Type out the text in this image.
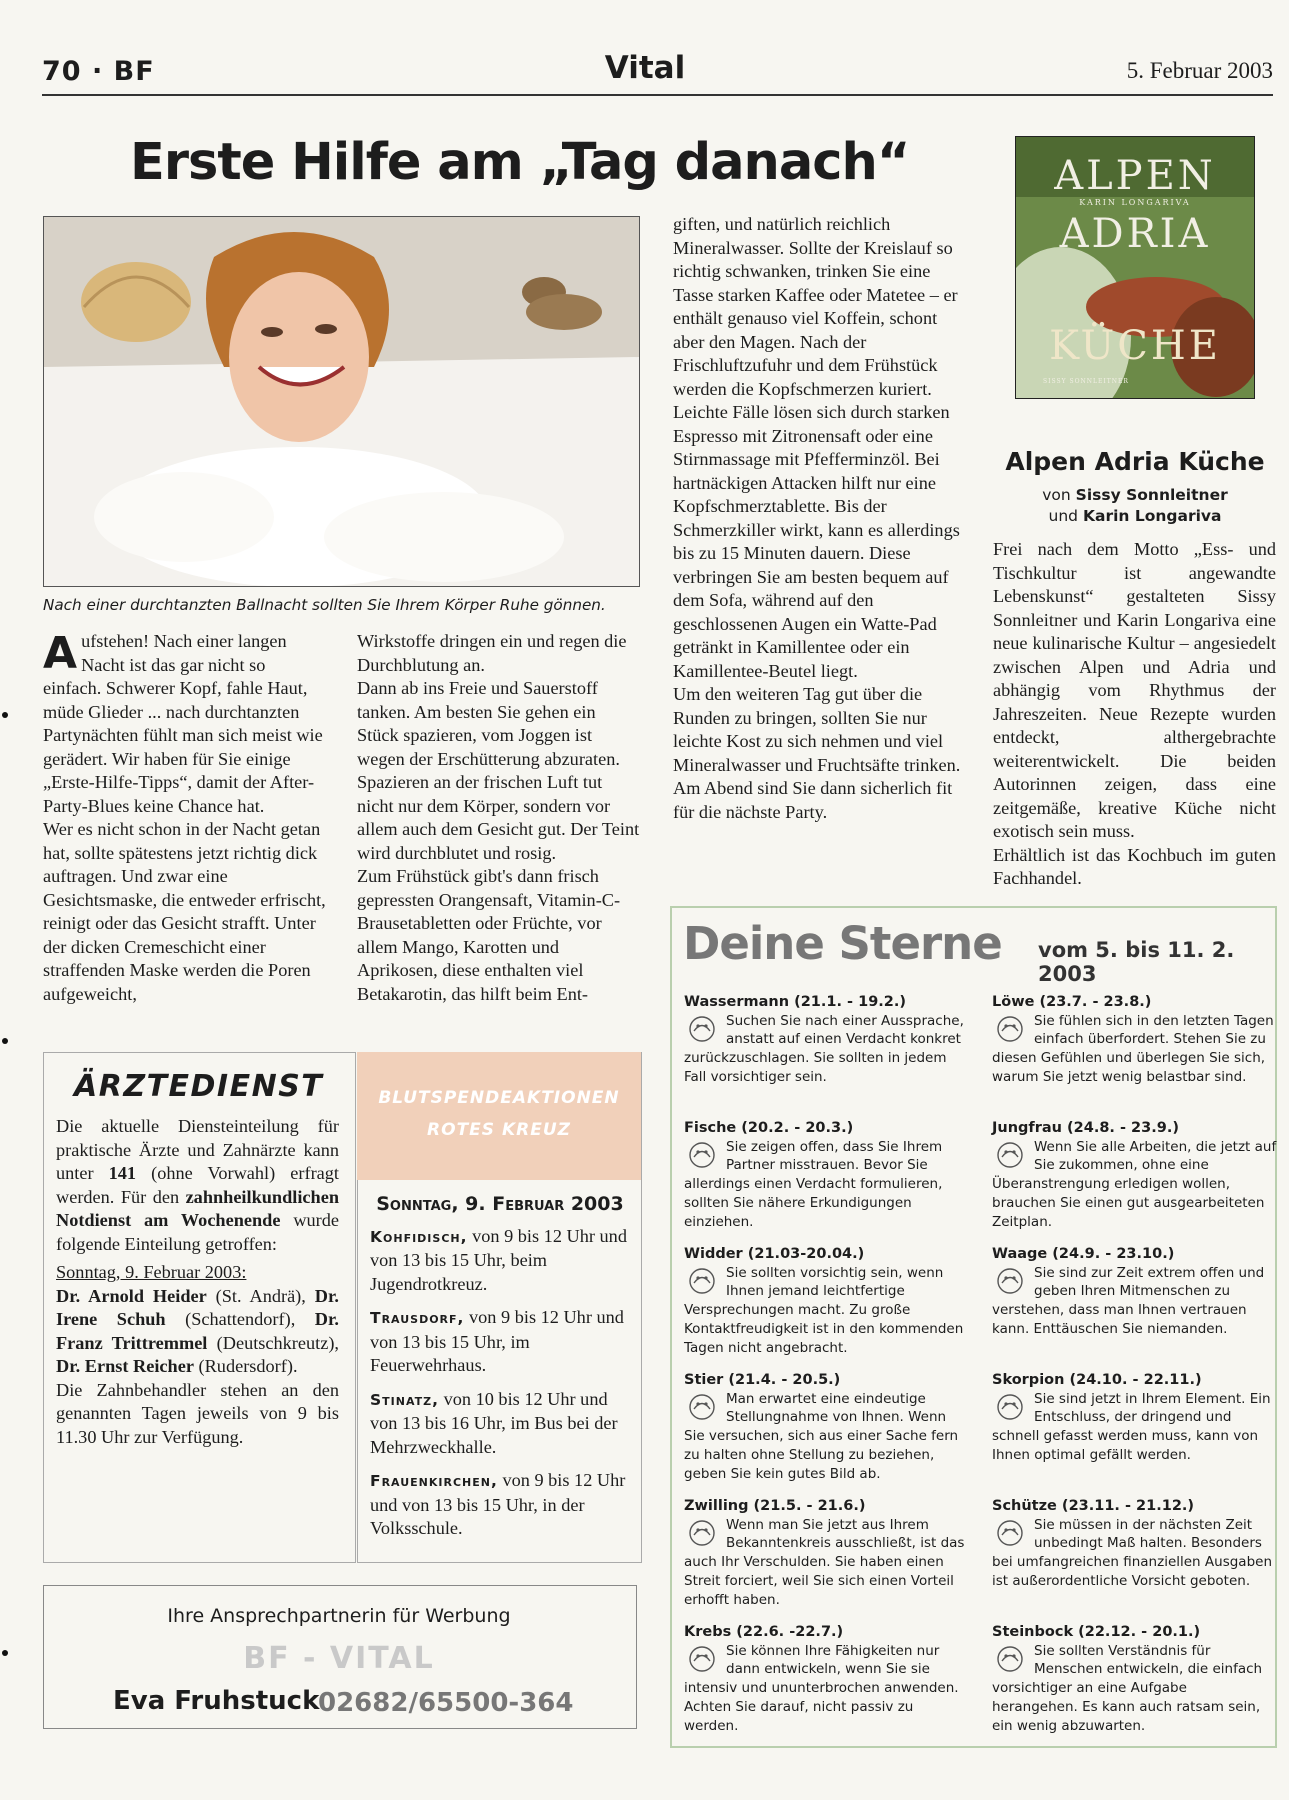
70 · BF	Vital	5. Februar 2003
Erste Hilfe am „Tag danach“
Nach einer durchtanzten Ballnacht sollten Sie Ihrem Körper Ruhe gönnen.
A ufstehen! Nach einer langen Nacht ist das gar nicht so einfach. Schwerer Kopf, fahle Haut, müde Glieder ... nach durchtanzten Partynächten fühlt man sich meist wie gerädert. Wir haben für Sie einige „Erste-Hilfe-Tipps“, damit der After-Party-Blues keine Chance hat.

Wer es nicht schon in der Nacht getan hat, sollte spätestens jetzt richtig dick auftragen. Und zwar eine Gesichtsmaske, die entweder erfrischt, reinigt oder das Gesicht strafft. Unter der dicken Cremeschicht einer straffenden Maske werden die Poren aufgeweicht,

Wirkstoffe dringen ein und regen die Durchblutung an.

Dann ab ins Freie und Sauerstoff tanken. Am besten Sie gehen ein Stück spazieren, vom Joggen ist wegen der Erschütterung abzuraten. Spazieren an der frischen Luft tut nicht nur dem Körper, sondern vor allem auch dem Gesicht gut. Der Teint wird durchblutet und rosig.

Zum Frühstück gibt's dann frisch gepressten Orangensaft, Vitamin-C-Brausetabletten oder Früchte, vor allem Mango, Karotten und Aprikosen, diese enthalten viel Betakarotin, das hilft beim Ent-

giften, und natürlich reichlich Mineralwasser. Sollte der Kreislauf so richtig schwanken, trinken Sie eine Tasse starken Kaffee oder Matetee – er enthält genauso viel Koffein, schont aber den Magen. Nach der Frischluftzufuhr und dem Frühstück werden die Kopfschmerzen kuriert. Leichte Fälle lösen sich durch starken Espresso mit Zitronensaft oder eine Stirnmassage mit Pfefferminzöl. Bei hartnäckigen Attacken hilft nur eine Kopfschmerztablette. Bis der Schmerzkiller wirkt, kann es allerdings bis zu 15 Minuten dauern. Diese verbringen Sie am besten bequem auf dem Sofa, während auf den geschlossenen Augen ein Watte-Pad getränkt in Kamillentee oder ein Kamillentee-Beutel liegt.

Um den weiteren Tag gut über die Runden zu bringen, sollten Sie nur leichte Kost zu sich nehmen und viel Mineralwasser und Fruchtsäfte trinken.

Am Abend sind Sie dann sicherlich fit für die nächste Party.

ALPEN
KARIN LONGARIVA
ADRIA
KÜCHE
SISSY SONNLEITNER
Alpen Adria Küche
von Sissy Sonnleitner
und Karin Longariva

Frei nach dem Motto „Ess- und Tischkultur ist angewandte Lebenskunst“ gestalteten Sissy Sonnleitner und Karin Longariva eine neue kulinarische Kultur – angesiedelt zwischen Alpen und Adria und abhängig vom Rhythmus der Jahreszeiten. Neue Rezepte wurden entdeckt, althergebrachte weiterentwickelt. Die beiden Autorinnen zeigen, dass eine zeitgemäße, kreative Küche nicht exotisch sein muss.

Erhältlich ist das Kochbuch im guten Fachhandel.

ÄRZTEDIENST

Die aktuelle Diensteinteilung für praktische Ärzte und Zahnärzte kann unter 141 (ohne Vorwahl) erfragt werden. Für den zahnheilkundlichen Notdienst am Wochenende wurde folgende Einteilung getroffen:

Sonntag, 9. Februar 2003:

Dr. Arnold Heider (St. Andrä), Dr. Irene Schuh (Schattendorf), Dr. Franz Trittremmel (Deutschkreutz), Dr. Ernst Reicher (Rudersdorf).

Die Zahnbehandler stehen an den genannten Tagen jeweils von 9 bis 11.30 Uhr zur Verfügung.

BLUTSPENDEAKTIONEN
ROTES KREUZ

Sonntag, 9. Februar 2003

Kohfidisch, von 9 bis 12 Uhr und von 13 bis 15 Uhr, beim Jugendrotkreuz.

Trausdorf, von 9 bis 12 Uhr und von 13 bis 15 Uhr, im Feuerwehrhaus.

Stinatz, von 10 bis 12 Uhr und von 13 bis 16 Uhr, im Bus bei der Mehrzweckhalle.

Frauenkirchen, von 9 bis 12 Uhr und von 13 bis 15 Uhr, in der Volksschule.

Ihre Ansprechpartnerin für Werbung
BF - VITAL
Eva Fruhstuck
02682/65500-364
Deine Sterne vom 5. bis 11. 2. 2003
Wassermann (21.1. - 19.2.)
Suchen Sie nach einer Aussprache, anstatt auf einen Verdacht konkret zurückzuschlagen. Sie sollten in jedem Fall vorsichtiger sein.
Fische (20.2. - 20.3.)
Sie zeigen offen, dass Sie Ihrem Partner misstrauen. Bevor Sie allerdings einen Verdacht formulieren, sollten Sie nähere Erkundigungen einziehen.
Widder (21.03-20.04.)
Sie sollten vorsichtig sein, wenn Ihnen jemand leichtfertige Versprechungen macht. Zu große Kontaktfreudigkeit ist in den kommenden Tagen nicht angebracht.
Stier (21.4. - 20.5.)
Man erwartet eine eindeutige Stellungnahme von Ihnen. Wenn Sie versuchen, sich aus einer Sache fern zu halten ohne Stellung zu beziehen, geben Sie kein gutes Bild ab.
Zwilling (21.5. - 21.6.)
Wenn man Sie jetzt aus Ihrem Bekanntenkreis ausschließt, ist das auch Ihr Verschulden. Sie haben einen Streit forciert, weil Sie sich einen Vorteil erhofft haben.
Krebs (22.6. -22.7.)
Sie können Ihre Fähigkeiten nur dann entwickeln, wenn Sie sie intensiv und ununterbrochen anwenden. Achten Sie darauf, nicht passiv zu werden.
Löwe (23.7. - 23.8.)
Sie fühlen sich in den letzten Tagen einfach überfordert. Stehen Sie zu diesen Gefühlen und überlegen Sie sich, warum Sie jetzt wenig belastbar sind.
Jungfrau (24.8. - 23.9.)
Wenn Sie alle Arbeiten, die jetzt auf Sie zukommen, ohne eine Überanstrengung erledigen wollen, brauchen Sie einen gut ausgearbeiteten Zeitplan.
Waage (24.9. - 23.10.)
Sie sind zur Zeit extrem offen und geben Ihren Mitmenschen zu verstehen, dass man Ihnen vertrauen kann. Enttäuschen Sie niemanden.
Skorpion (24.10. - 22.11.)
Sie sind jetzt in Ihrem Element. Ein Entschluss, der dringend und schnell gefasst werden muss, kann von Ihnen optimal gefällt werden.
Schütze (23.11. - 21.12.)
Sie müssen in der nächsten Zeit unbedingt Maß halten. Besonders bei umfangreichen finanziellen Ausgaben ist außerordentliche Vorsicht geboten.
Steinbock (22.12. - 20.1.)
Sie sollten Verständnis für Menschen entwickeln, die einfach vorsichtiger an eine Aufgabe herangehen. Es kann auch ratsam sein, ein wenig abzuwarten.
